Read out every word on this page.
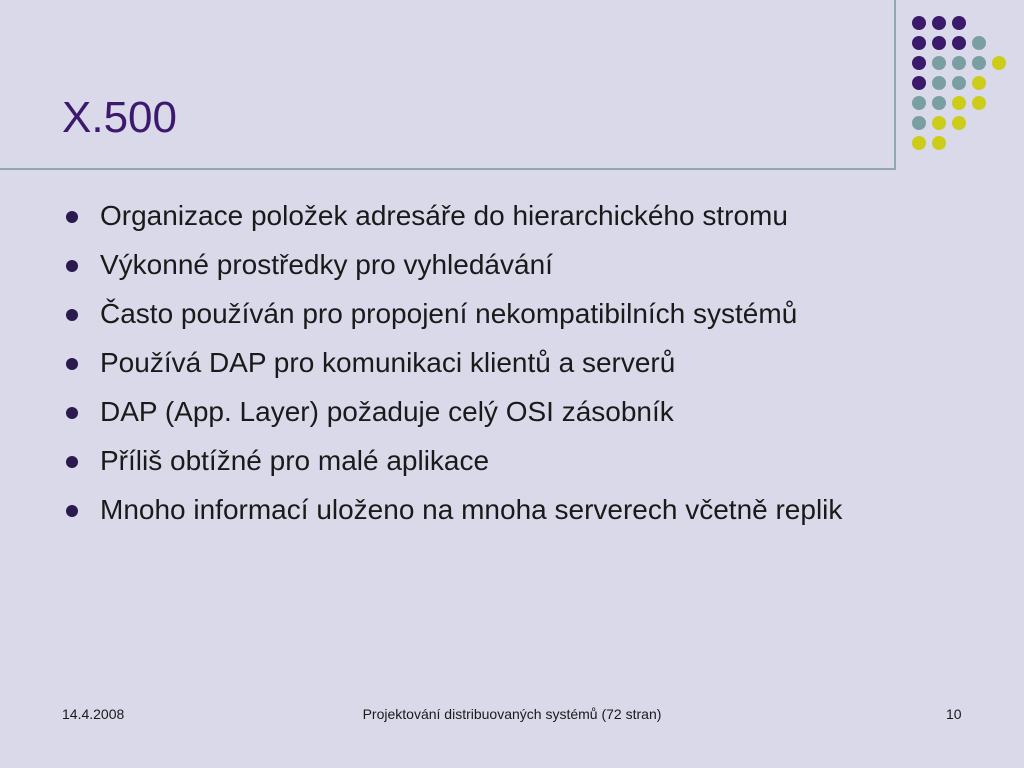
X.500
Organizace položek adresáře do hierarchického stromu
Výkonné prostředky pro vyhledávání
Často používán pro propojení nekompatibilních systémů
Používá DAP pro komunikaci klientů a serverů
DAP (App. Layer) požaduje celý OSI zásobník
Příliš obtížné pro malé aplikace
Mnoho informací uloženo na mnoha serverech včetně replik
14.4.2008	Projektování distribuovaných systémů (72 stran)	10
